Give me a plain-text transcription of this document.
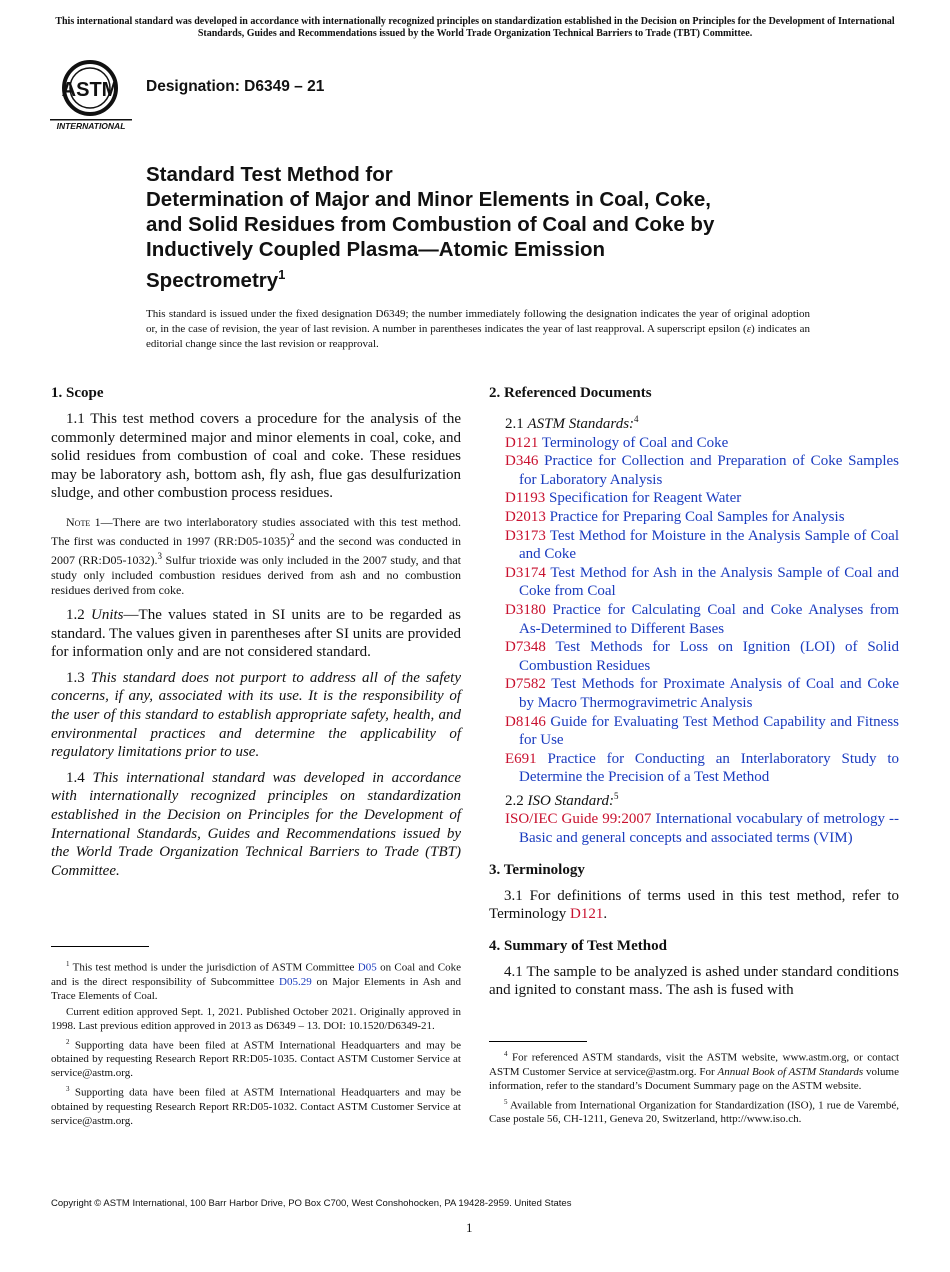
This international standard was developed in accordance with internationally recognized principles on standardization established in the Decision on Principles for the Development of International Standards, Guides and Recommendations issued by the World Trade Organization Technical Barriers to Trade (TBT) Committee.
ASTM
INTERNATIONAL
Designation: D6349 – 21
Standard Test Method for
Determination of Major and Minor Elements in Coal, Coke,
and Solid Residues from Combustion of Coal and Coke by
Inductively Coupled Plasma—Atomic Emission
Spectrometry$^1$
This standard is issued under the fixed designation D6349; the number immediately following the designation indicates the year of original adoption or, in the case of revision, the year of last revision. A number in parentheses indicates the year of last reapproval. A superscript epsilon (ε) indicates an editorial change since the last revision or reapproval.
1. Scope

1.1 This test method covers a procedure for the analysis of the commonly determined major and minor elements in coal, coke, and solid residues from combustion of coal and coke. These residues may be laboratory ash, bottom ash, fly ash, flue gas desulfurization sludge, and other combustion process residues.

Note 1—There are two interlaboratory studies associated with this test method. The first was conducted in 1997 (RR:D05-1035)$^2$ and the second was conducted in 2007 (RR:D05-1032).$^3$ Sulfur trioxide was only included in the 2007 study, and that study only included combustion residues derived from ash and no combustion residues derived from coke.

1.2 Units—The values stated in SI units are to be regarded as standard. The values given in parentheses after SI units are provided for information only and are not considered standard.

1.3 This standard does not purport to address all of the safety concerns, if any, associated with its use. It is the responsibility of the user of this standard to establish appropriate safety, health, and environmental practices and determine the applicability of regulatory limitations prior to use.

1.4 This international standard was developed in accordance with internationally recognized principles on standardization established in the Decision on Principles for the Development of International Standards, Guides and Recommendations issued by the World Trade Organization Technical Barriers to Trade (TBT) Committee.

2. Referenced Documents
2.1 ASTM Standards:$^4$
D121 Terminology of Coal and Coke
D346 Practice for Collection and Preparation of Coke Samples for Laboratory Analysis
D1193 Specification for Reagent Water
D2013 Practice for Preparing Coal Samples for Analysis
D3173 Test Method for Moisture in the Analysis Sample of Coal and Coke
D3174 Test Method for Ash in the Analysis Sample of Coal and Coke from Coal
D3180 Practice for Calculating Coal and Coke Analyses from As-Determined to Different Bases
D7348 Test Methods for Loss on Ignition (LOI) of Solid Combustion Residues
D7582 Test Methods for Proximate Analysis of Coal and Coke by Macro Thermogravimetric Analysis
D8146 Guide for Evaluating Test Method Capability and Fitness for Use
E691 Practice for Conducting an Interlaboratory Study to Determine the Precision of a Test Method
2.2 ISO Standard:$^5$
ISO/IEC Guide 99:2007 International vocabulary of metrology -- Basic and general concepts and associated terms (VIM)
3. Terminology

3.1 For definitions of terms used in this test method, refer to Terminology D121.

4. Summary of Test Method

4.1 The sample to be analyzed is ashed under standard conditions and ignited to constant mass. The ash is fused with

$^1$ This test method is under the jurisdiction of ASTM Committee D05 on Coal and Coke and is the direct responsibility of Subcommittee D05.29 on Major Elements in Ash and Trace Elements of Coal.

Current edition approved Sept. 1, 2021. Published October 2021. Originally approved in 1998. Last previous edition approved in 2013 as D6349 – 13. DOI: 10.1520/D6349-21.

$^2$ Supporting data have been filed at ASTM International Headquarters and may be obtained by requesting Research Report RR:D05-1035. Contact ASTM Customer Service at service@astm.org.

$^3$ Supporting data have been filed at ASTM International Headquarters and may be obtained by requesting Research Report RR:D05-1032. Contact ASTM Customer Service at service@astm.org.

$^4$ For referenced ASTM standards, visit the ASTM website, www.astm.org, or contact ASTM Customer Service at service@astm.org. For Annual Book of ASTM Standards volume information, refer to the standard’s Document Summary page on the ASTM website.

$^5$ Available from International Organization for Standardization (ISO), 1 rue de Varembé, Case postale 56, CH-1211, Geneva 20, Switzerland, http://www.iso.ch.

Copyright © ASTM International, 100 Barr Harbor Drive, PO Box C700, West Conshohocken, PA 19428-2959. United States
1
